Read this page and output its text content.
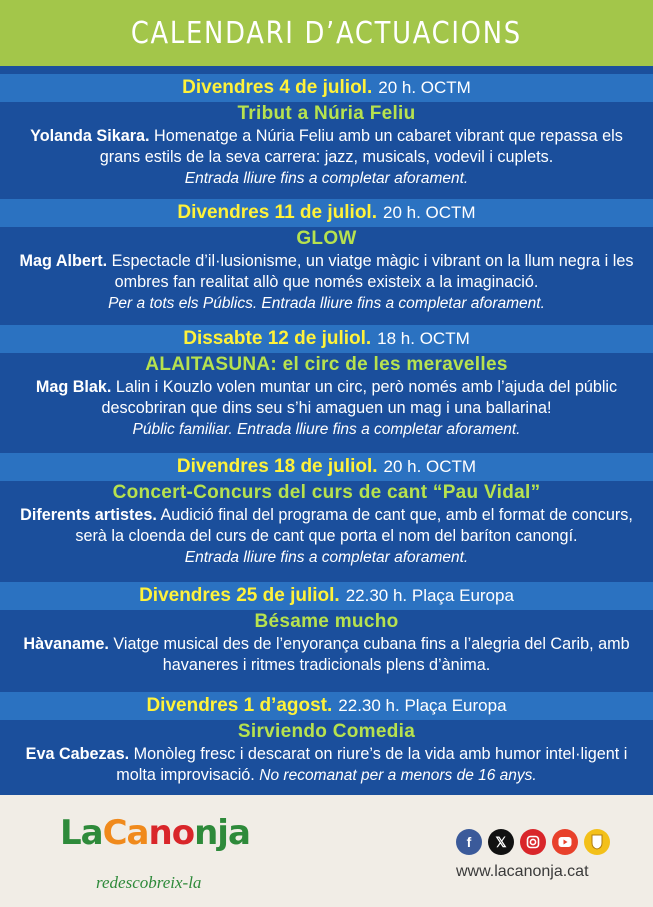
CALENDARI D’ACTUACIONS
Divendres 4 de juliol. 20 h. OCTM
Tribut a Núria Feliu
Yolanda Sikara. Homenatge a Núria Feliu amb un cabaret vibrant que repassa els grans estils de la seva carrera: jazz, musicals, vodevil i cuplets.
Entrada lliure fins a completar aforament.
Divendres 11 de juliol. 20 h. OCTM
GLOW
Mag Albert. Espectacle d’il·lusionisme, un viatge màgic i vibrant on la llum negra i les ombres fan realitat allò que només existeix a la imaginació.
Per a tots els Públics. Entrada lliure fins a completar aforament.
Dissabte 12 de juliol. 18 h. OCTM
ALAITASUNA: el circ de les meravelles
Mag Blak. Lalin i Kouzlo volen muntar un circ, però només amb l’ajuda del públic descobriran que dins seu s’hi amaguen un mag i una ballarina!
Públic familiar. Entrada lliure fins a completar aforament.
Divendres 18 de juliol. 20 h. OCTM
Concert-Concurs del curs de cant “Pau Vidal”
Diferents artistes. Audició final del programa de cant que, amb el format de concurs, serà la cloenda del curs de cant que porta el nom del baríton canongí.
Entrada lliure fins a completar aforament.
Divendres 25 de juliol. 22.30 h. Plaça Europa
Bésame mucho
Hàvaname. Viatge musical des de l’enyorança cubana fins a l’alegria del Carib, amb havaneres i ritmes tradicionals plens d’ànima.
Divendres 1 d’agost. 22.30 h. Plaça Europa
Sirviendo Comedia
Eva Cabezas. Monòleg fresc i descarat on riure’s de la vida amb humor intel·ligent i molta improvisació. No recomanat per a menors de 16 anys.
LaCanonja
redescobreix-la
f	𝕏
www.lacanonja.cat
